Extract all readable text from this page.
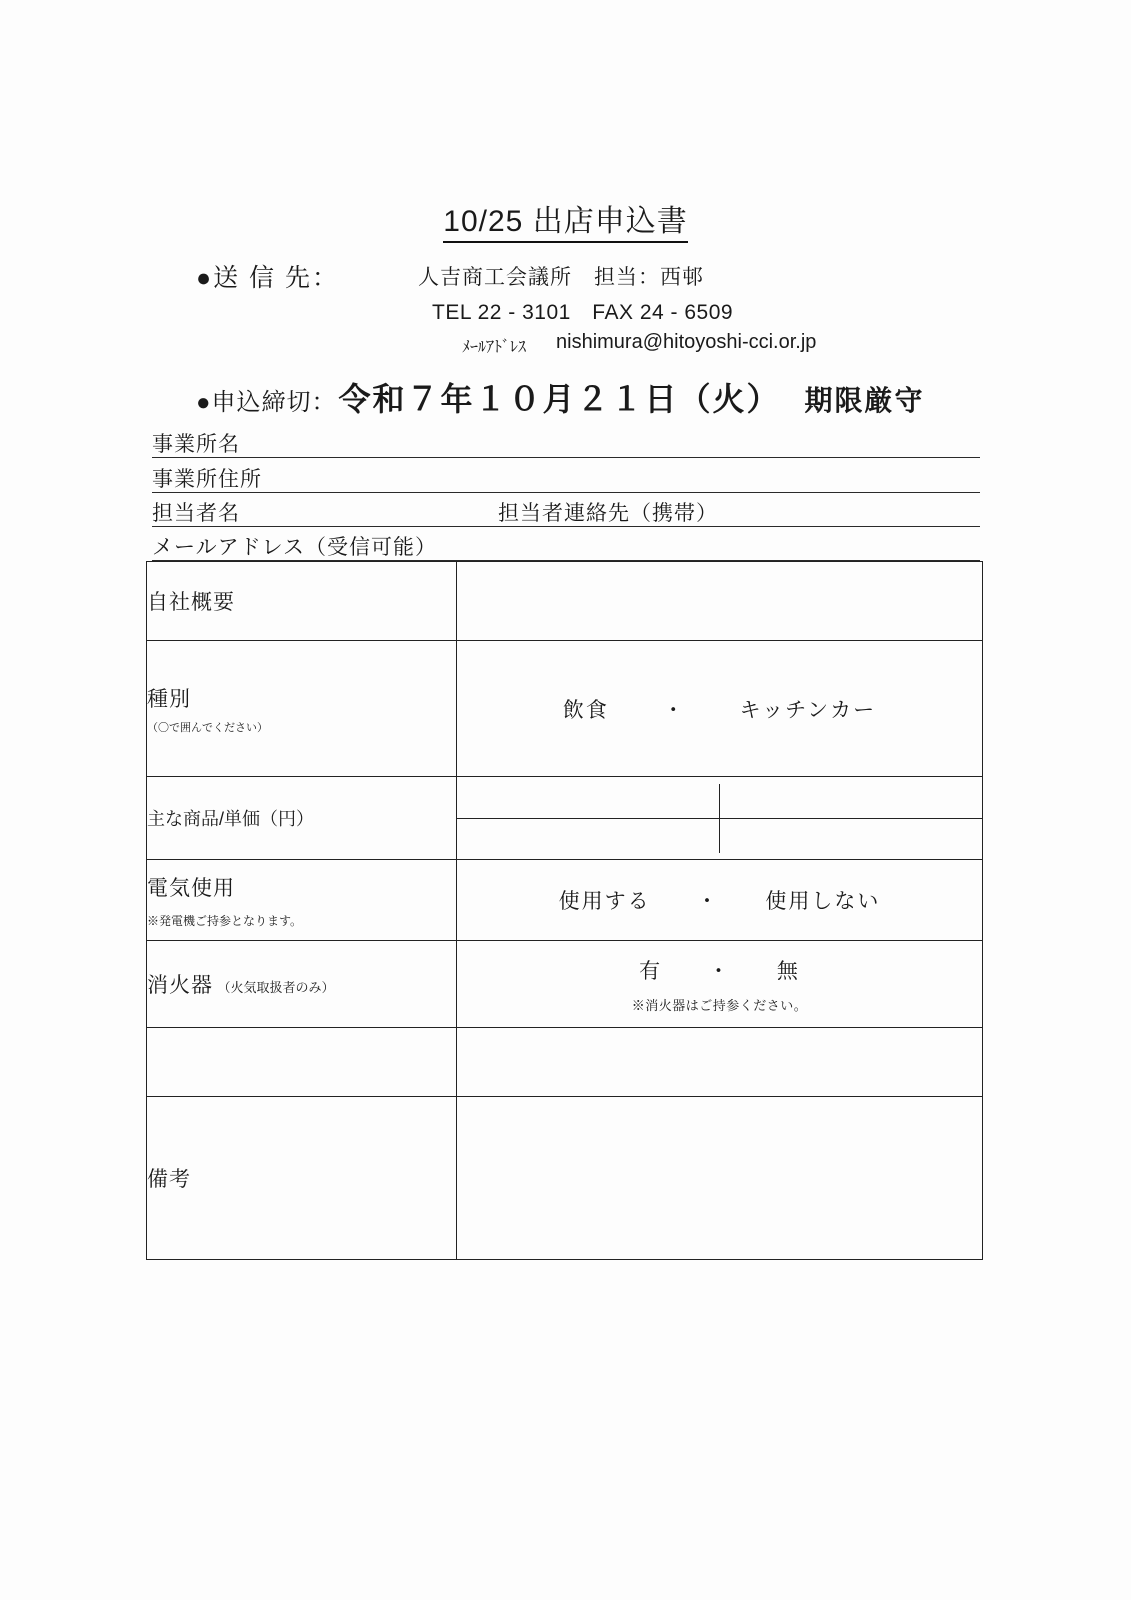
10/25 出店申込書
●送 信 先：	人吉商工会議所　担当：西邨
TEL 22 - 3101　FAX 24 - 6509
ﾒｰﾙｱﾄﾞﾚｽ nishimura@hitoyoshi-cci.or.jp
●申込締切： 令和７年１０月２１日（火） 期限厳守
事業所名
事業所住所
担当者名	担当者連絡先（携帯）
メールアドレス（受信可能）
自社概要	
種別
（〇で囲んでください）
	飲食	・	キッチンカー
主な商品/単価（円）	

電気使用
※発電機ご持参となります。
	使用する ・ 使用しない
消火器 （火気取扱者のみ）	有 ・ 無
※消火器はご持参ください。

備考	
